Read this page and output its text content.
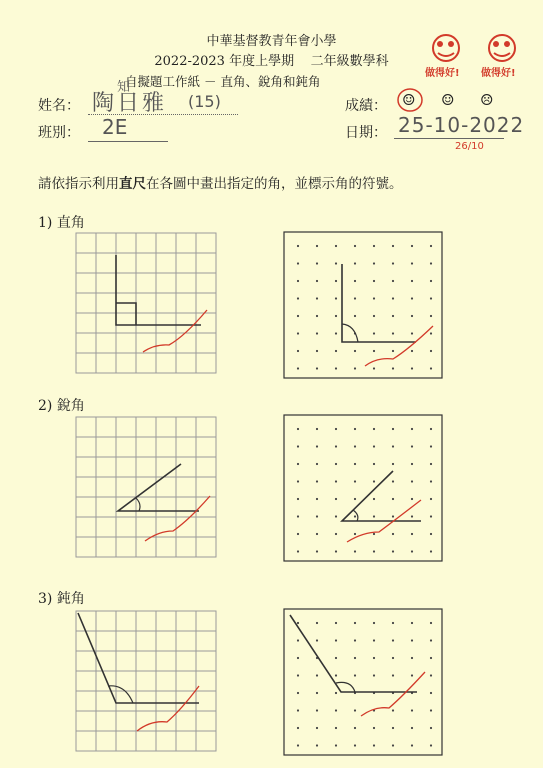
中華基督教青年會小學
2022-2023 年度上學期 二年級數學科
自擬題工作紙 － 直角、銳角和鈍角
做得好! 做得好!
姓名：
知
陶日雅 (15)
班別： 2E
成績： ☺ ☺ ☹
日期： 25-10-2022
26/10
請依指示利用直尺在各圖中畫出指定的角，並標示角的符號。
1) 直角
2) 銳角
3) 鈍角
